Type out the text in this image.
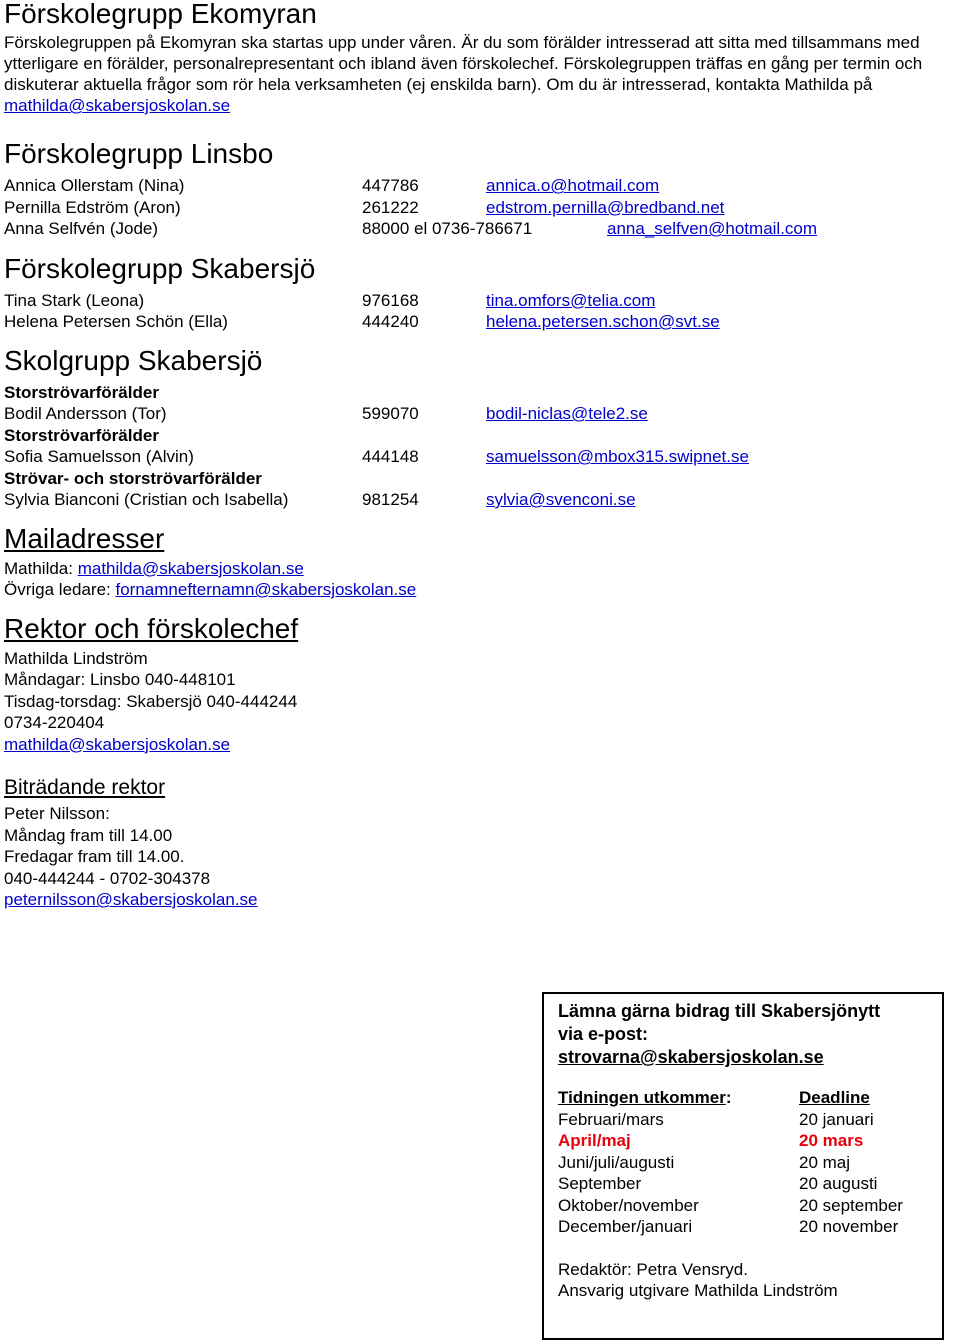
Förskolegrupp Ekomyran

Förskolegruppen på Ekomyran ska startas upp under våren. Är du som förälder intresserad att sitta med tillsammans med ytterligare en förälder, personalrepresentant och ibland även förskolechef. Förskolegruppen träffas en gång per termin och diskuterar aktuella frågor som rör hela verksamheten (ej enskilda barn). Om du är intresserad, kontakta Mathilda på mathilda@skabersjoskolan.se

Förskolegrupp Linsbo
Annica Ollerstam (Nina)	447786	annica.o@hotmail.com
Pernilla Edström (Aron)	261222	edstrom.pernilla@bredband.net
Anna Selfvén (Jode)	88000 el 0736-786671	anna_selfven@hotmail.com
Förskolegrupp Skabersjö
Tina Stark (Leona)	976168	tina.omfors@telia.com
Helena Petersen Schön (Ella)	444240	helena.petersen.schon@svt.se
Skolgrupp Skabersjö
Storströvarförälder
Bodil Andersson (Tor)	599070	bodil-niclas@tele2.se
Storströvarförälder
Sofia Samuelsson (Alvin)	444148	samuelsson@mbox315.swipnet.se
Strövar- och storströvarförälder
Sylvia Bianconi (Cristian och Isabella)	981254	sylvia@svenconi.se
Mailadresser
Mathilda: mathilda@skabersjoskolan.se
Övriga ledare: fornamnefternamn@skabersjoskolan.se
Rektor och förskolechef
Mathilda Lindström
Måndagar: Linsbo 040-448101
Tisdag-torsdag: Skabersjö 040-444244
0734-220404
mathilda@skabersjoskolan.se
Biträdande rektor
Peter Nilsson:
Måndag fram till 14.00
Fredagar fram till 14.00.
040-444244 - 0702-304378
peternilsson@skabersjoskolan.se
Lämna gärna bidrag till Skabersjönytt
via e-post:
strovarna@skabersjoskolan.se
Tidningen utkommer:	Deadline
Februari/mars	20 januari
April/maj	20 mars
Juni/juli/augusti	20 maj
September	20 augusti
Oktober/november	20 september
December/januari	20 november
Redaktör: Petra Vensryd.
Ansvarig utgivare Mathilda Lindström
